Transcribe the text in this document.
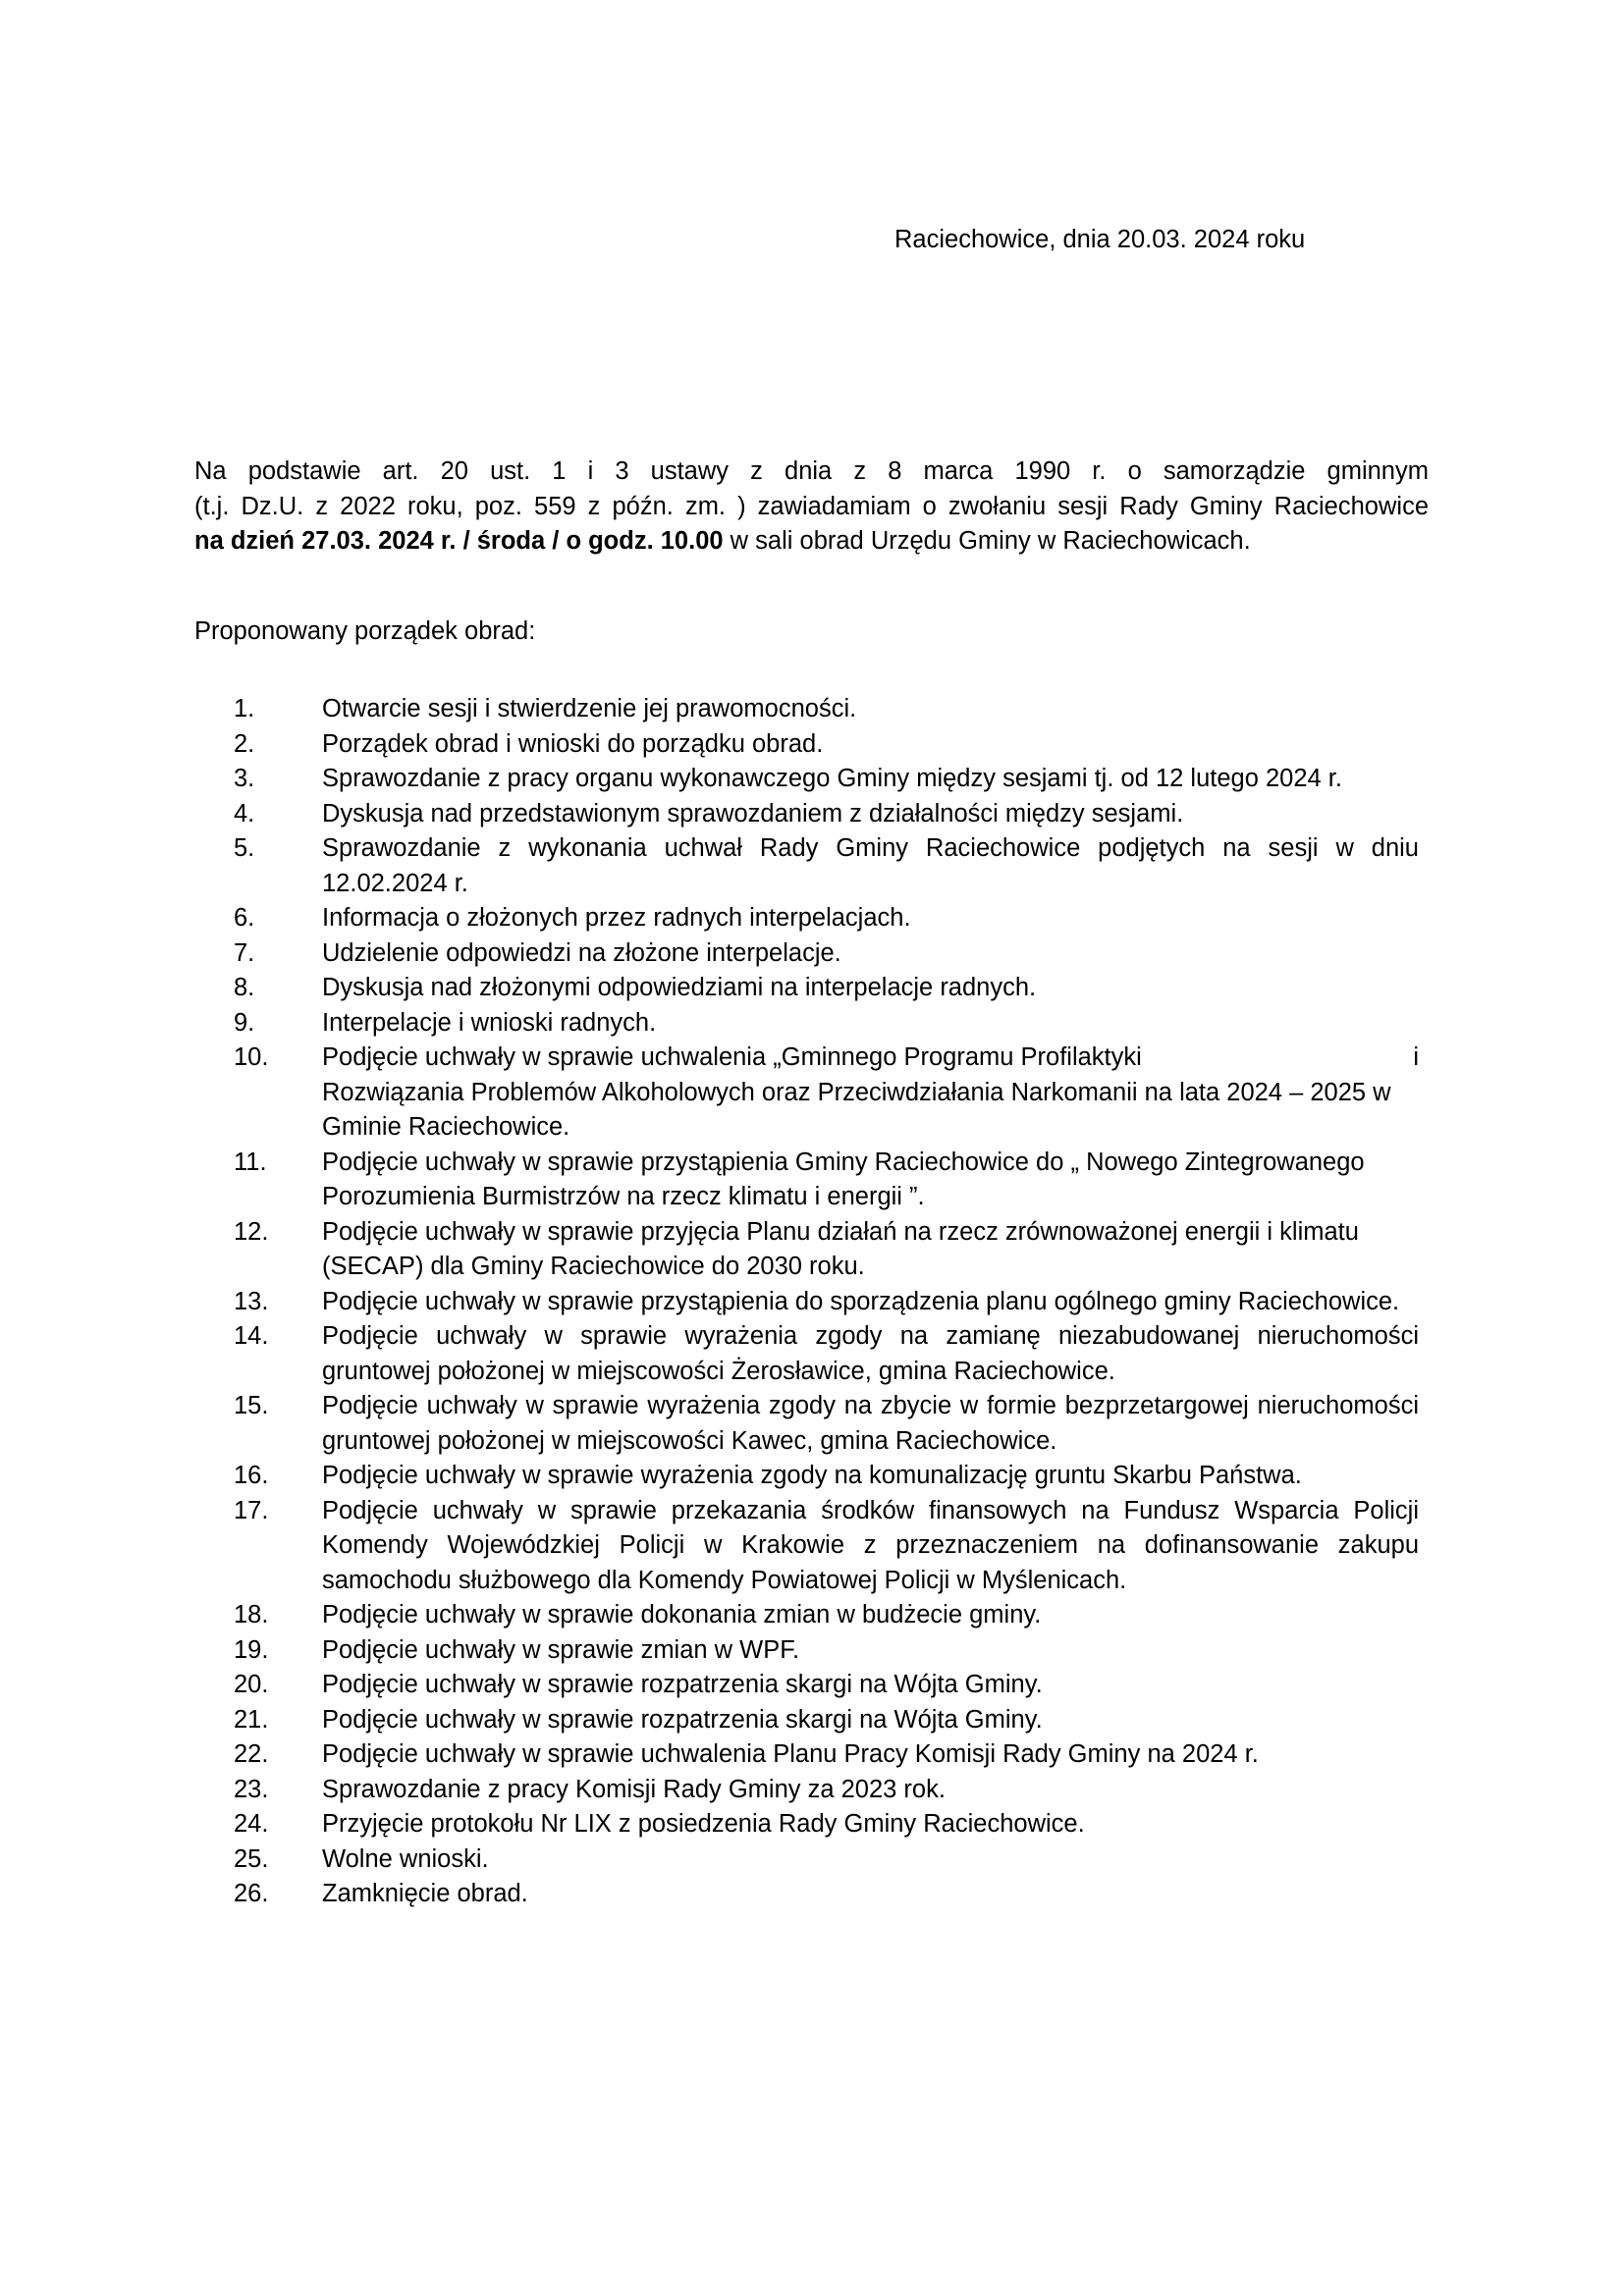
Raciechowice, dnia 20.03. 2024 roku

Na podstawie art. 20 ust. 1 i 3 ustawy z dnia z 8 marca 1990 r. o samorządzie gminnym
(t.j. Dz.U. z 2022 roku, poz. 559 z późn. zm. ) zawiadamiam o zwołaniu sesji Rady Gminy Raciechowice
na dzień 27.03. 2024 r. / środa / o godz. 10.00 w sali obrad Urzędu Gminy w Raciechowicach.

Proponowany porządek obrad:

1.	Otwarcie sesji i stwierdzenie jej prawomocności.
2.	Porządek obrad i wnioski do porządku obrad.
3.	Sprawozdanie z pracy organu wykonawczego Gminy między sesjami tj. od 12 lutego 2024 r.
4.	Dyskusja nad przedstawionym sprawozdaniem z działalności między sesjami.
5.	Sprawozdanie z wykonania uchwał Rady Gminy Raciechowice podjętych na sesji w dniu 12.02.2024 r.
6.	Informacja o złożonych przez radnych interpelacjach.
7.	Udzielenie odpowiedzi na złożone interpelacje.
8.	Dyskusja nad złożonymi odpowiedziami na interpelacje radnych.
9.	Interpelacje i wnioski radnych.
10.	Podjęcie uchwały w sprawie uchwalenia „Gminnego Programu Profilaktyki	i
Rozwiązania Problemów Alkoholowych oraz Przeciwdziałania Narkomanii na lata 2024 – 2025 w Gminie Raciechowice.
11.	Podjęcie uchwały w sprawie przystąpienia Gminy Raciechowice do „ Nowego Zintegrowanego Porozumienia Burmistrzów na rzecz klimatu i energii ”.
12.	Podjęcie uchwały w sprawie przyjęcia Planu działań na rzecz zrównoważonej energii i klimatu (SECAP) dla Gminy Raciechowice do 2030 roku.
13.	Podjęcie uchwały w sprawie przystąpienia do sporządzenia planu ogólnego gminy Raciechowice.
14.	Podjęcie uchwały w sprawie wyrażenia zgody na zamianę niezabudowanej nieruchomości gruntowej położonej w miejscowości Żerosławice, gmina Raciechowice.
15.	Podjęcie uchwały w sprawie wyrażenia zgody na zbycie w formie bezprzetargowej nieruchomości gruntowej położonej w miejscowości Kawec, gmina Raciechowice.
16.	Podjęcie uchwały w sprawie wyrażenia zgody na komunalizację gruntu Skarbu Państwa.
17.	Podjęcie uchwały w sprawie przekazania środków finansowych na Fundusz Wsparcia Policji Komendy Wojewódzkiej Policji w Krakowie z przeznaczeniem na dofinansowanie zakupu samochodu służbowego dla Komendy Powiatowej Policji w Myślenicach.
18.	Podjęcie uchwały w sprawie dokonania zmian w budżecie gminy.
19.	Podjęcie uchwały w sprawie zmian w WPF.
20.	Podjęcie uchwały w sprawie rozpatrzenia skargi na Wójta Gminy.
21.	Podjęcie uchwały w sprawie rozpatrzenia skargi na Wójta Gminy.
22.	Podjęcie uchwały w sprawie uchwalenia Planu Pracy Komisji Rady Gminy na 2024 r.
23.	Sprawozdanie z pracy Komisji Rady Gminy za 2023 rok.
24.	Przyjęcie protokołu Nr LIX z posiedzenia Rady Gminy Raciechowice.
25.	Wolne wnioski.
26.	Zamknięcie obrad.
